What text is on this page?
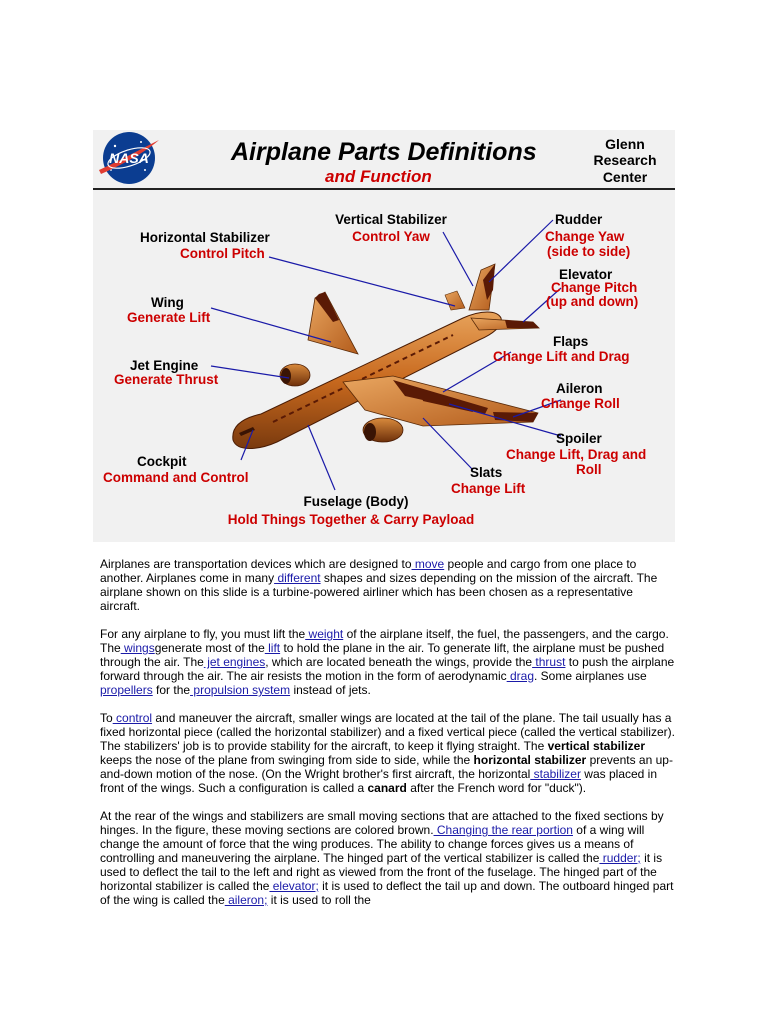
NASA	Airplane Parts Definitions
and Function
Glenn
Research
Center
Vertical Stabilizer
Control Yaw
Rudder
Change Yaw
(side to side)
Horizontal Stabilizer
Control Pitch
Elevator
Change Pitch
(up and down)
Wing
Generate Lift
Flaps
Change Lift and Drag
Jet Engine
Generate Thrust
Aileron
Change Roll
Spoiler
Change Lift, Drag and
Roll
Cockpit
Command and Control	Slats
Change Lift
Fuselage (Body)
Hold Things Together & Carry Payload

Airplanes are transportation devices which are designed to move people and cargo from one place to another. Airplanes come in many different shapes and sizes depending on the mission of the aircraft. The airplane shown on this slide is a turbine-powered airliner which has been chosen as a representative aircraft.

For any airplane to fly, you must lift the weight of the airplane itself, the fuel, the passengers, and the cargo. The wingsgenerate most of the lift to hold the plane in the air. To generate lift, the airplane must be pushed through the air. The jet engines, which are located beneath the wings, provide the thrust to push the airplane forward through the air. The air resists the motion in the form of aerodynamic drag. Some airplanes use propellers for the propulsion system instead of jets.

To control and maneuver the aircraft, smaller wings are located at the tail of the plane. The tail usually has a fixed horizontal piece (called the horizontal stabilizer) and a fixed vertical piece (called the vertical stabilizer). The stabilizers' job is to provide stability for the aircraft, to keep it flying straight. The vertical stabilizer keeps the nose of the plane from swinging from side to side, while the horizontal stabilizer prevents an up-and-down motion of the nose. (On the Wright brother's first aircraft, the horizontal stabilizer was placed in front of the wings. Such a configuration is called a canard after the French word for "duck").

At the rear of the wings and stabilizers are small moving sections that are attached to the fixed sections by hinges. In the figure, these moving sections are colored brown. Changing the rear portion of a wing will change the amount of force that the wing produces. The ability to change forces gives us a means of controlling and maneuvering the airplane. The hinged part of the vertical stabilizer is called the rudder; it is used to deflect the tail to the left and right as viewed from the front of the fuselage. The hinged part of the horizontal stabilizer is called the elevator; it is used to deflect the tail up and down. The outboard hinged part of the wing is called the aileron; it is used to roll the
